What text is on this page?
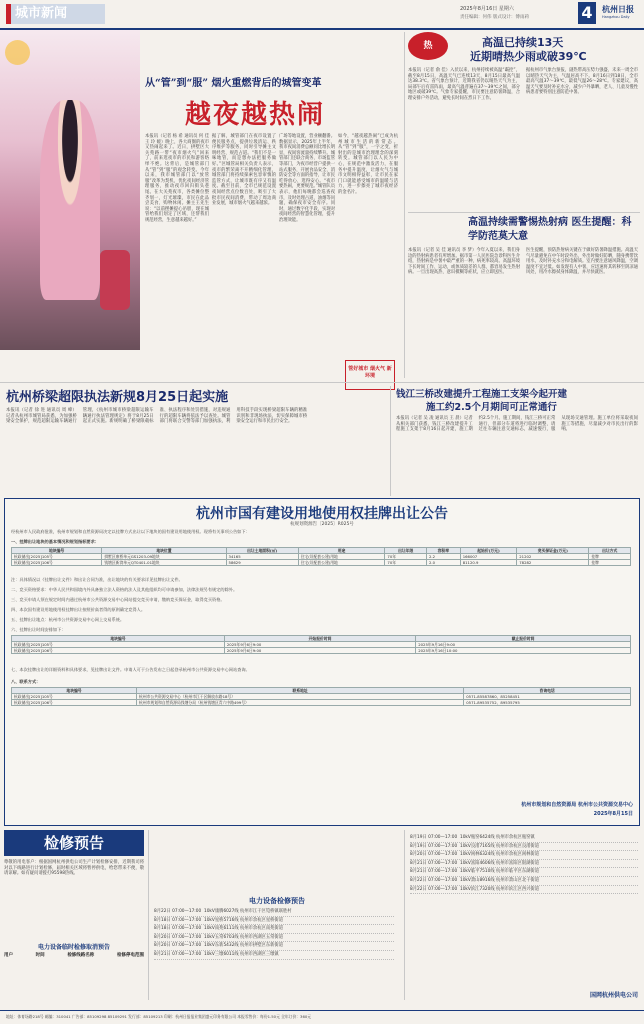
城市新闻	2025年8月16日 星期六
责任编辑：何伟 版式设计：傅雨莉	4	杭州日报
Hangzhou Daily
从“管”到“服” 烟火重燃背后的城管变革
越夜越热闹
本报讯（记者 杨 希 通讯员 何 佳 王 玲 媛）晚上，各大商圈的夜市又热闹起来了。近日，拱墅区大关苑路一带“夜市烟火气”回来了，前来逛夜市的市民和游客络绎不绝。这背后，是城管部门从“管”到“服”的观念转变。今年以来，我市城管部门以“放管服”改革为契机，优化夜间经济管理服务，推动夜市回归街头巷尾。在大关苑夜市，各类摊位整齐划一，灯光璀璨，市民在此品尝美食、购物休闲。摊主王先生说：“以前摆摊提心吊胆，现在城管给我们划定了区域，还帮我们规范经营，生意越来越好。”
据了解，城管部门在夜市设置了便民服务点，提供垃圾清运、秩序维护等服务，同时引导摊主文明经营、规范占道。“我们不是一味地管，而是想办法把服务做好。”区城管局相关负责人表示，夜市的繁荣离不开精细化管理，城管部门将持续探索包容审慎的监管方式，让城市既有序又有温度。截至目前，全市已规范设置夜间经营点位数百处，吸引了大批市民夜间消费，带动了周边商业发展，城市烟火气越来越浓。
广场等地设置，营业额翻番。数据显示，2025年上半年，我市夜间消费总额同比增长明显，夜间客流量持续攀升。城管部门还联合商务、市场监管等部门，为夜市经营户提供一站式服务，开展食品安全、消防安全等方面的指导，让市民吃得放心、逛得安心。“夜市要热闹，更要规范。”城管队员表示，他们每晚都会巡查夜市，及时处理占道、油烟等问题，确保夜市安全有序。同时，通过数字化手段，实现对夜间经营的智慧化管理，提升治理效能。
如今，“越夜越热闹”已成为杭州城市生活的新常态。从“管”到“服”，一字之变，折射出的是城市治理理念的深刻转变。城管部门以人民为中心，在规范中激发活力，在服务中提升温度，让烟火气与城市文明相得益彰，让市民在家门口就能感受城市的温暖与活力，进一步擦亮了城市夜经济的金名片。
管好城市 烟火气 新环境
热	高温已持续13天
近期晴热少雨或破39℃
本报讯（记者 俞 佳）入伏以来，杭州持续被高温“霸控”，截至8月15日，高温天气已连续13天，8月15日最高气温达38.3℃。省气象台预计，近期我省仍以晴热天气为主，局部午后有雷阵雨，最高气温普遍在37～39℃之间，部分地区或破39℃。气象专家提醒，市民要注意防暑降温，合理安排户外活动，避免长时间在烈日下工作。
据杭州市气象台预报，副热带高压势力强盛，未来一周全市以晴热天气为主，气温居高不下。8月16日到18日，全市最高气温37～39℃，最低气温26～28℃。专家建议，高温天气要及时补充水分，减少户外暴晒，老人、儿童及慢性病患者要特别注意防范中暑。
高温持续需警惕热射病 医生提醒：科学防范莫大意
本报讯（记者 吴 佳 通讯员 李 梦）今年入夏以来，我们身边的热射病患者有所增加。据市第一人民医院急诊科医生介绍，热射病是中暑中最严重的一种，病死率较高。高温环境下长时间工作、运动，或体质较差的人群，都容易发生热射病。一旦出现高热、意识模糊等症状，应立即送医。
医生提醒，预防热射病关键在于做好防暑降温措施。高温天气尽量避免在中午时段外出，外出时做好防晒，随身携带饮用水，及时补充水分和电解质。室内要注意通风降温，空调温度不宜过低。如发现有人中暑，应迅速将其转移至阴凉通风处，用冷水擦拭身体降温，并尽快就医。
杭州桥梁超限执法新规8月25日起实施
本报讯（记者 徐 进 通讯员 周 峰）记者从杭州市城管局获悉，为加强桥梁安全保护，规范超限运输车辆通行管理，《杭州市城市桥梁超限运输车辆通行执法管理规定》将于8月25日起正式实施。新规明确了桥梁限载标准、执法程序和处罚措施，对违规通行的超限车辆将依法予以查处。城管部门将联合交警等部门加强执法，利用科技手段实现桥梁超限车辆的精准识别和非现场执法，切实保障城市桥梁安全运行和市民出行安全。
钱江三桥改建提升工程施工支架今起开建
施工约2.5个月期间可正常通行
本报讯（记者 吴 凌 通讯员 王 晨）记者从相关部门获悉，钱江三桥改建提升工程施工支架于8月16日起开建，施工期约2.5个月。施工期间，钱江三桥可正常通行，但部分车道将进行临时调整，请过往车辆注意交通标志，减速慢行，服从现场交通管理。施工单位将采取夜间施工等措施，尽量减少对市民出行的影响。
杭州市国有建设用地使用权挂牌出让公告
杭规划资源告〔2025〕R025号
经杭州市人民政府批准，杭州市规划和自然资源局决定以挂牌方式出让以下地块的国有建设用地使用权。现将有关事项公告如下：
一、挂牌出让地块的基本情况和规划指标要求：
地块编号	地块位置	出让土地面积(㎡)	用途	出让年限	容积率	起始价(万元)	竞买保证金(万元)	出让方式
杭政储出[2025]105号	拱墅区康桥单元GS1203-09地块	34165	住宅(设配套公建)用地	70年	2.2	166007	21202	挂牌
杭政储出[2025]106号	钱塘区新湾单元QT0401-01地块	58629	住宅(设配套公建)用地	70年	2.0	81120.9	78282	挂牌
注：具体情况以《挂牌出让文件》和出让合同为准，出让地块的有关要求详见挂牌出让文件。
二、竞买资格要求：中华人民共和国境内外具备独立法人资格的法人及其他组织均可申请参加，法律法规另有规定的除外。
三、竞买申请人须在规定时间内通过杭州市公共资源交易中心网站提交竞买申请，缴纳竞买保证金，取得竞买资格。
四、本次国有建设用地使用权挂牌出让按照价高者得的原则确定竞得人。
五、挂牌出让地点：杭州市公共资源交易中心网上交易系统。
六、挂牌出让时间安排如下：
地块编号	开始报价时间	截止报价时间
杭政储出[2025]105号	2025年9月6日9:00	2025年9月16日9:00
杭政储出[2025]106号	2025年9月6日9:00	2025年9月16日10:00
七、本次挂牌出让的详细资料和具体要求，见挂牌出让文件。申请人可于公告发布之日起登录杭州市公共资源交易中心网站查询。
八、联系方式：
地块编号	联系地址	咨询电话
杭政储出[2025]105号	杭州市公共资源交易中心（杭州市江干区解放东路18号）	0571-85587860、85258451
杭政储出[2025]106号	杭州市规划和自然资源局钱塘分局（杭州钱塘区青六中路499号）	0571-89535752、89535795
杭州市规划和自然资源局 杭州市公共资源交易中心
2025年8月15日
检修预告
尊敬的用电客户：根据国网杭州供电公司生产计划检修安排，近期我司将对以下线路进行计划检修，届时相关区域将暂停供电，给您带来不便，敬请谅解。如有疑问请拨打95598热线。
电力设备临时检修取消预告
用户	时间	检修线路名称	检修停电范围
电力设备检修预告
8月22日 07:00—17:00  10kV康腾6027线 杭州市江干区笕桥镇联胜村
8月18日 07:00—17:00  10kV星桥5716线 杭州市余杭区星桥街道
8月18日 07:00—17:00  10kV南苑6111线 杭州市余杭区南苑街道
8月20日 07:00—17:00  10kV五常6703线 杭州市西湖区五常街道
8月20日 07:00—17:00  10kV东新5432线 杭州市拱墅区东新街道
8月21日 07:00—17:00  10kV三墩6011线 杭州市西湖区三墩镇
8月19日 07:00—17:00  10kV瓶窑6424线 杭州市余杭区瓶窑镇
8月19日 07:00—17:00  10kV良渚7165线 杭州市余杭区良渚街道
8月20日 07:00—17:00  10kV闲林6324线 杭州市余杭区闲林街道
8月21日 07:00—17:00  10kV富阳4606线 杭州市富阳区银湖街道
8月21日 07:00—17:00  10kV临平7510线 杭州市临平区东湖街道
8月22日 07:00—17:00  10kV萧山8916线 杭州市萧山区北干街道
8月22日 07:00—17:00  10kV滨江7320线 杭州市滨江区西兴街道
国网杭州供电公司
地址：体育场路218号 邮编：310041 广告部：85109298 85109291 发行部：85109213 印刷：杭州日报报业集团盛元印务有限公司 本报零售价：每份1.50元 全年订价：360元
